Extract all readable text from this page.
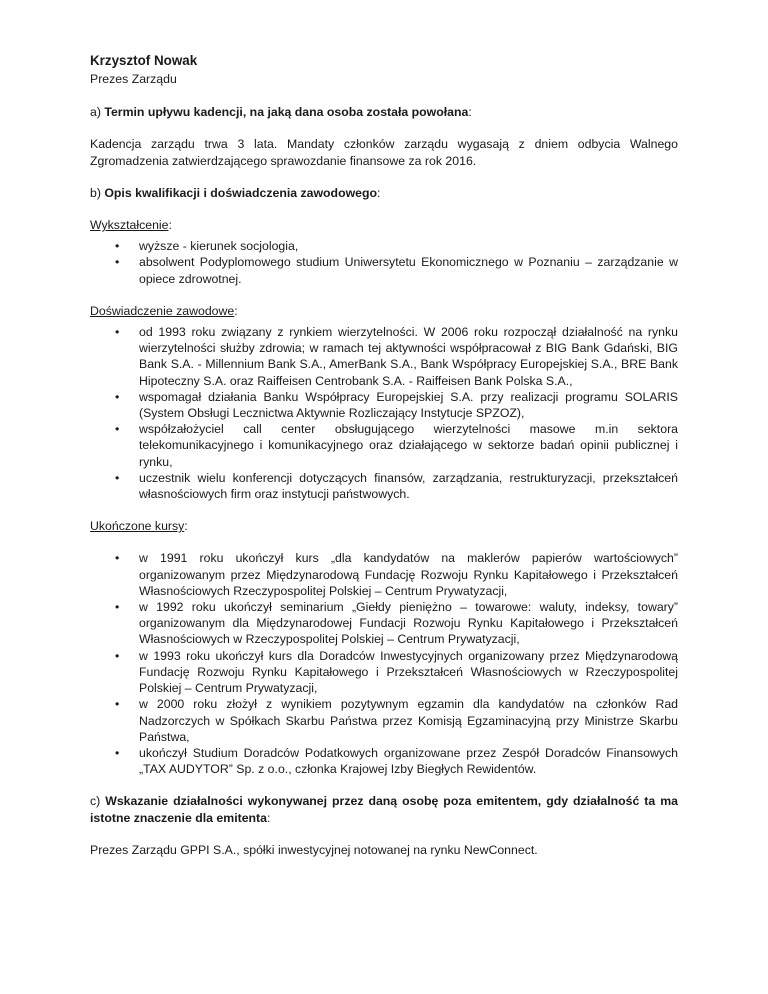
Krzysztof Nowak

Prezes Zarządu

a) Termin upływu kadencji, na jaką dana osoba została powołana:

Kadencja zarządu trwa 3 lata. Mandaty członków zarządu wygasają z dniem odbycia Walnego Zgromadzenia zatwierdzającego sprawozdanie finansowe za rok 2016.

b) Opis kwalifikacji i doświadczenia zawodowego:

Wykształcenie:

• wyższe - kierunek socjologia,
• absolwent Podyplomowego studium Uniwersytetu Ekonomicznego w Poznaniu – zarządzanie w opiece zdrowotnej.

Doświadczenie zawodowe:

• od 1993 roku związany z rynkiem wierzytelności. W 2006 roku rozpoczął działalność na rynku wierzytelności służby zdrowia; w ramach tej aktywności współpracował z BIG Bank Gdański, BIG Bank S.A. - Millennium Bank S.A., AmerBank S.A., Bank Współpracy Europejskiej S.A., BRE Bank Hipoteczny S.A. oraz Raiffeisen Centrobank S.A. - Raiffeisen Bank Polska S.A.,
• wspomagał działania Banku Współpracy Europejskiej S.A. przy realizacji programu SOLARIS (System Obsługi Lecznictwa Aktywnie Rozliczający Instytucje SPZOZ),
• współzałożyciel call center obsługującego wierzytelności masowe m.in sektora telekomunikacyjnego i komunikacyjnego oraz działającego w sektorze badań opinii publicznej i rynku,
• uczestnik wielu konferencji dotyczących finansów, zarządzania, restrukturyzacji, przekształceń własnościowych firm oraz instytucji państwowych.

Ukończone kursy:

• w 1991 roku ukończył kurs „dla kandydatów na maklerów papierów wartościowych” organizowanym przez Międzynarodową Fundację Rozwoju Rynku Kapitałowego i Przekształceń Własnościowych Rzeczypospolitej Polskiej – Centrum Prywatyzacji,
• w 1992 roku ukończył seminarium „Giełdy pieniężno – towarowe: waluty, indeksy, towary” organizowanym dla Międzynarodowej Fundacji Rozwoju Rynku Kapitałowego i Przekształceń Własnościowych w Rzeczypospolitej Polskiej – Centrum Prywatyzacji,
• w 1993 roku ukończył kurs dla Doradców Inwestycyjnych organizowany przez Międzynarodową Fundację Rozwoju Rynku Kapitałowego i Przekształceń Własnościowych w Rzeczypospolitej Polskiej – Centrum Prywatyzacji,
• w 2000 roku złożył z wynikiem pozytywnym egzamin dla kandydatów na członków Rad Nadzorczych w Spółkach Skarbu Państwa przez Komisją Egzaminacyjną przy Ministrze Skarbu Państwa,
• ukończył Studium Doradców Podatkowych organizowane przez Zespół Doradców Finansowych „TAX AUDYTOR” Sp. z o.o., członka Krajowej Izby Biegłych Rewidentów.

c) Wskazanie działalności wykonywanej przez daną osobę poza emitentem, gdy działalność ta ma istotne znaczenie dla emitenta:

Prezes Zarządu GPPI S.A., spółki inwestycyjnej notowanej na rynku NewConnect.
